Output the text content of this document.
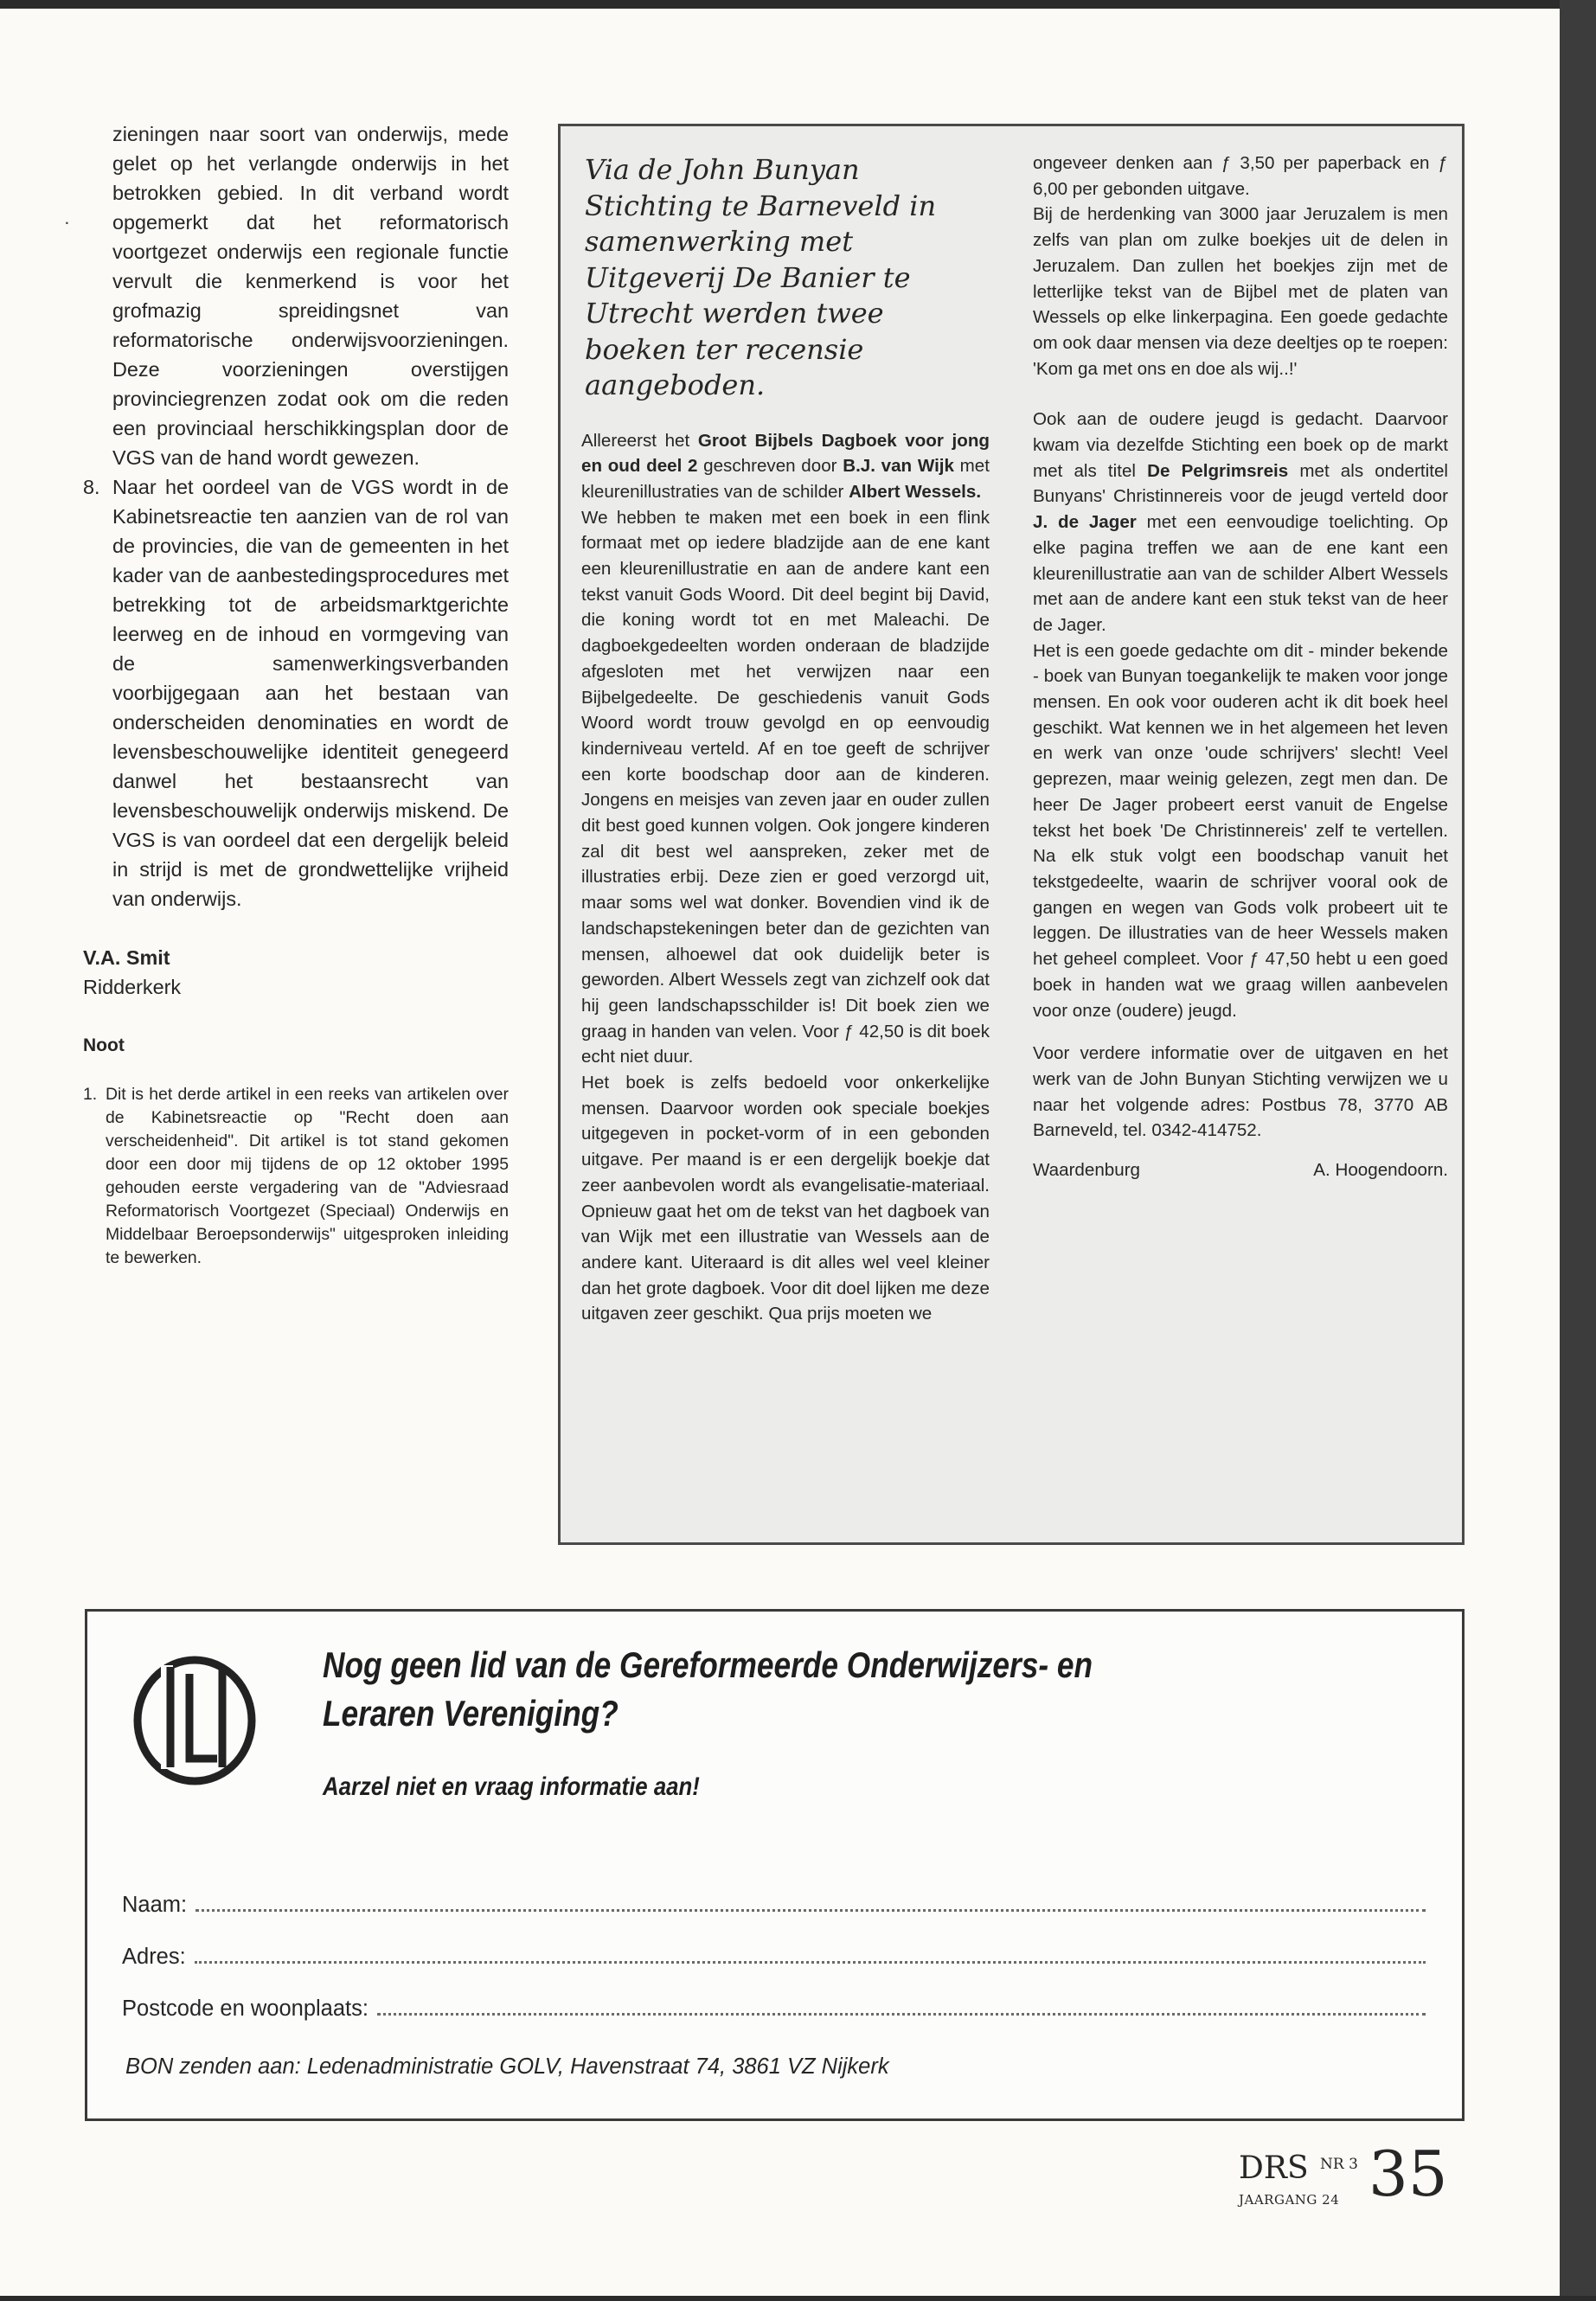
˙

zieningen naar soort van onderwijs, mede gelet op het verlangde onderwijs in het betrokken gebied. In dit verband wordt opgemerkt dat het reformatorisch voortgezet onderwijs een regionale functie vervult die kenmerkend is voor het grofmazig spreidingsnet van reformatorische onderwijsvoorzieningen. Deze voorzieningen overstijgen provinciegrenzen zodat ook om die reden een provinciaal herschikkingsplan door de VGS van de hand wordt gewezen.

8. Naar het oordeel van de VGS wordt in de Kabinetsreactie ten aanzien van de rol van de provincies, die van de gemeenten in het kader van de aanbestedingsprocedures met betrekking tot de arbeidsmarktgerichte leerweg en de inhoud en vormgeving van de samenwerkingsverbanden voorbijgegaan aan het bestaan van onderscheiden denominaties en wordt de levensbeschouwelijke identiteit genegeerd danwel het bestaansrecht van levensbeschouwelijk onderwijs miskend. De VGS is van oordeel dat een dergelijk beleid in strijd is met de grondwettelijke vrijheid van onderwijs.
V.A. Smit
Ridderkerk
Noot
1. Dit is het derde artikel in een reeks van artikelen over de Kabinetsreactie op "Recht doen aan verscheidenheid". Dit artikel is tot stand gekomen door een door mij tijdens de op 12 oktober 1995 gehouden eerste vergadering van de "Adviesraad Reformatorisch Voortgezet (Speciaal) Onderwijs en Middelbaar Beroepsonderwijs" uitgesproken inleiding te bewerken.
Via de John Bunyan Stichting te Barneveld in samenwerking met Uitgeverij De Banier te Utrecht werden twee boeken ter recensie aangeboden.

Allereerst het Groot Bijbels Dagboek voor jong en oud deel 2 geschreven door B.J. van Wijk met kleurenillustraties van de schilder Albert Wessels.

We hebben te maken met een boek in een flink formaat met op iedere bladzijde aan de ene kant een kleurenillustratie en aan de andere kant een tekst vanuit Gods Woord. Dit deel begint bij David, die koning wordt tot en met Maleachi. De dagboekgedeelten worden onderaan de bladzijde afgesloten met het verwijzen naar een Bijbelgedeelte. De geschiedenis vanuit Gods Woord wordt trouw gevolgd en op eenvoudig kinderniveau verteld. Af en toe geeft de schrijver een korte boodschap door aan de kinderen. Jongens en meisjes van zeven jaar en ouder zullen dit best goed kunnen volgen. Ook jongere kinderen zal dit best wel aanspreken, zeker met de illustraties erbij. Deze zien er goed verzorgd uit, maar soms wel wat donker. Bovendien vind ik de landschapstekeningen beter dan de gezichten van mensen, alhoewel dat ook duidelijk beter is geworden. Albert Wessels zegt van zichzelf ook dat hij geen landschapsschilder is! Dit boek zien we graag in handen van velen. Voor ƒ 42,50 is dit boek echt niet duur.

Het boek is zelfs bedoeld voor onkerkelijke mensen. Daarvoor worden ook speciale boekjes uitgegeven in pocket-vorm of in een gebonden uitgave. Per maand is er een dergelijk boekje dat zeer aanbevolen wordt als evangelisatie-materiaal. Opnieuw gaat het om de tekst van het dagboek van van Wijk met een illustratie van Wessels aan de andere kant. Uiteraard is dit alles wel veel kleiner dan het grote dagboek. Voor dit doel lijken me deze uitgaven zeer geschikt. Qua prijs moeten we

ongeveer denken aan ƒ 3,50 per paperback en ƒ 6,00 per gebonden uitgave.

Bij de herdenking van 3000 jaar Jeruzalem is men zelfs van plan om zulke boekjes uit de delen in Jeruzalem. Dan zullen het boekjes zijn met de letterlijke tekst van de Bijbel met de platen van Wessels op elke linkerpagina. Een goede gedachte om ook daar mensen via deze deeltjes op te roepen: 'Kom ga met ons en doe als wij..!'

Ook aan de oudere jeugd is gedacht. Daarvoor kwam via dezelfde Stichting een boek op de markt met als titel De Pelgrimsreis met als ondertitel Bunyans' Christinnereis voor de jeugd verteld door J. de Jager met een eenvoudige toelichting. Op elke pagina treffen we aan de ene kant een kleurenillustratie aan van de schilder Albert Wessels met aan de andere kant een stuk tekst van de heer de Jager.

Het is een goede gedachte om dit - minder bekende - boek van Bunyan toegankelijk te maken voor jonge mensen. En ook voor ouderen acht ik dit boek heel geschikt. Wat kennen we in het algemeen het leven en werk van onze 'oude schrijvers' slecht! Veel geprezen, maar weinig gelezen, zegt men dan. De heer De Jager probeert eerst vanuit de Engelse tekst het boek 'De Christinnereis' zelf te vertellen. Na elk stuk volgt een boodschap vanuit het tekstgedeelte, waarin de schrijver vooral ook de gangen en wegen van Gods volk probeert uit te leggen. De illustraties van de heer Wessels maken het geheel compleet. Voor ƒ 47,50 hebt u een goed boek in handen wat we graag willen aanbevelen voor onze (oudere) jeugd.

Voor verdere informatie over de uitgaven en het werk van de John Bunyan Stichting verwijzen we u naar het volgende adres: Postbus 78, 3770 AB Barneveld, tel. 0342-414752.

Waardenburg	A. Hoogendoorn.
Nog geen lid van de Gereformeerde Onderwijzers- en
Leraren Vereniging?
Aarzel niet en vraag informatie aan!
Naam:
Adres:
Postcode en woonplaats:
BON zenden aan: Ledenadministratie GOLV, Havenstraat 74, 3861 VZ Nijkerk
DRS NR 3
JAARGANG 24 35
